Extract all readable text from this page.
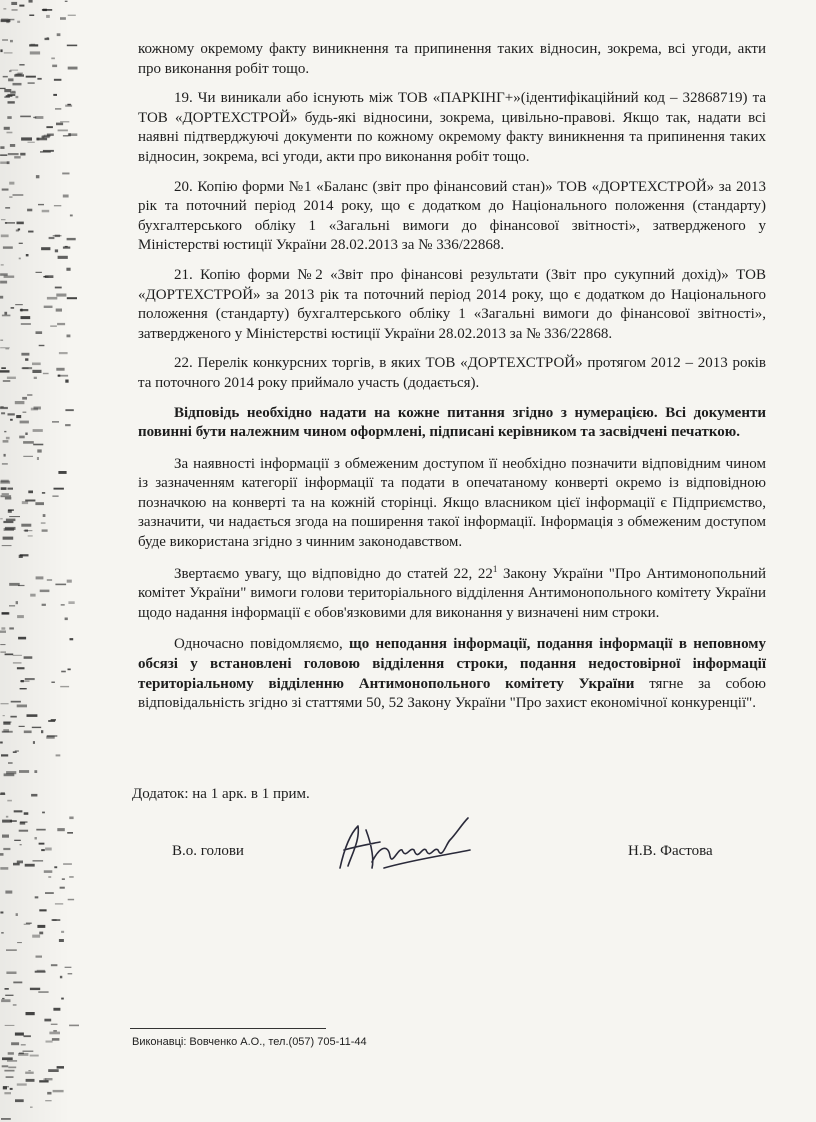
кожному окремому факту виникнення та припинення таких відносин, зокрема, всі угоди, акти про виконання робіт тощо.

19. Чи виникали або існують між ТОВ «ПАРКІНГ+»(ідентифікаційний код – 32868719) та ТОВ «ДОРТЕХСТРОЙ» будь-які відносини, зокрема, цивільно-правові. Якщо так, надати всі наявні підтверджуючі документи по кожному окремому факту виникнення та припинення таких відносин, зокрема, всі угоди, акти про виконання робіт тощо.

20. Копію форми №1 «Баланс (звіт про фінансовий стан)» ТОВ «ДОРТЕХСТРОЙ» за 2013 рік та поточний період 2014 року, що є додатком до Національного положення (стандарту) бухгалтерського обліку 1 «Загальні вимоги до фінансової звітності», затвердженого у Міністерстві юстиції України 28.02.2013 за № 336/22868.

21. Копію форми №2 «Звіт про фінансові результати (Звіт про сукупний дохід)» ТОВ «ДОРТЕХСТРОЙ» за 2013 рік та поточний період 2014 року, що є додатком до Національного положення (стандарту) бухгалтерського обліку 1 «Загальні вимоги до фінансової звітності», затвердженого у Міністерстві юстиції України 28.02.2013 за № 336/22868.

22. Перелік конкурсних торгів, в яких ТОВ «ДОРТЕХСТРОЙ» протягом 2012 – 2013 років та поточного 2014 року приймало участь (додається).

Відповідь необхідно надати на кожне питання згідно з нумерацією. Всі документи повинні бути належним чином оформлені, підписані керівником та засвідчені печаткою.

За наявності інформації з обмеженим доступом її необхідно позначити відповідним чином із зазначенням категорії інформації та подати в опечатаному конверті окремо із відповідною позначкою на конверті та на кожній сторінці. Якщо власником цієї інформації є Підприємство, зазначити, чи надається згода на поширення такої інформації. Інформація з обмеженим доступом буде використана згідно з чинним законодавством.

Звертаємо увагу, що відповідно до статей 22, $22^1$ Закону України "Про Антимонопольний комітет України" вимоги голови територіального відділення Антимонопольного комітету України щодо надання інформації є обов'язковими для виконання у визначені ним строки.

Одночасно повідомляємо, що неподання інформації, подання інформації в неповному обсязі у встановлені головою відділення строки, подання недостовірної інформації територіальному відділенню Антимонопольного комітету України тягне за собою відповідальність згідно зі статтями 50, 52 Закону України "Про захист економічної конкуренції".

Додаток: на 1 арк. в 1 прим.
В.о. голови	Н.В. Фастова
Виконавці: Вовченко А.О., тел.(057) 705-11-44
